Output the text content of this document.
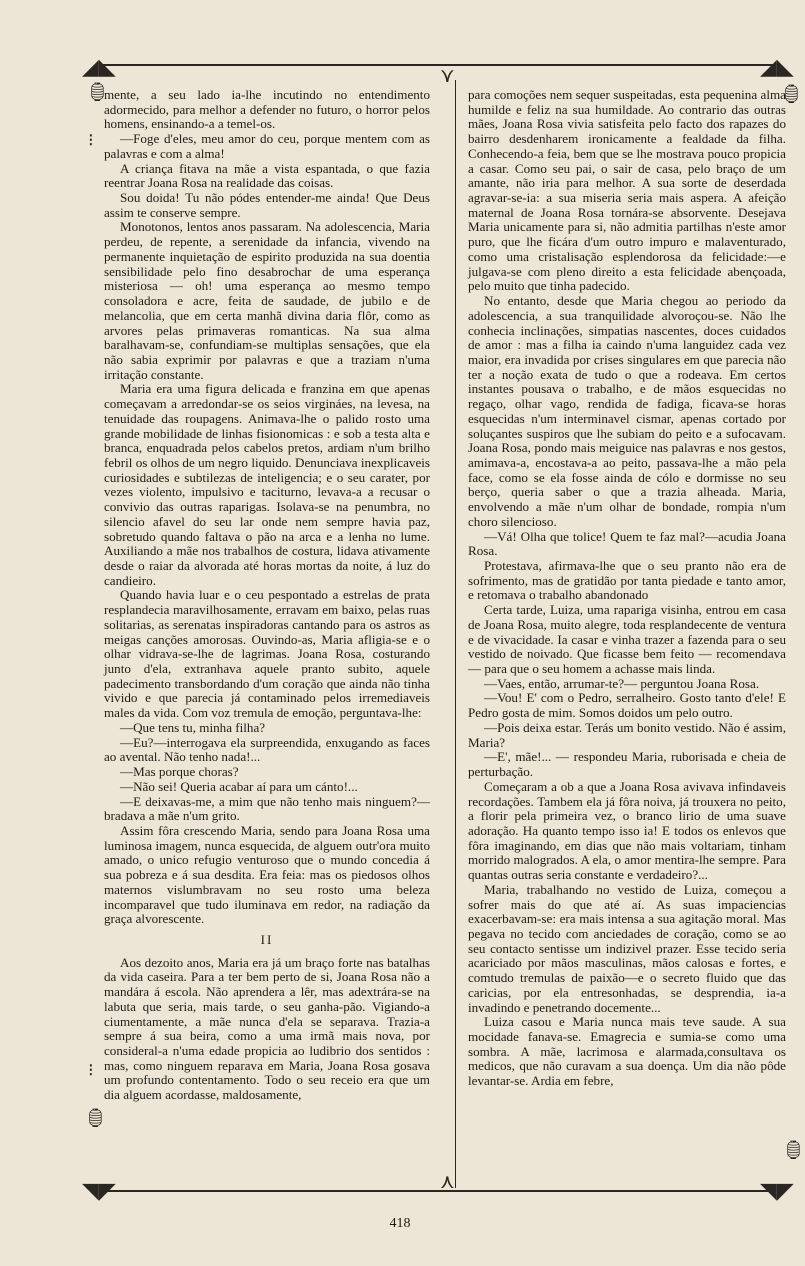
◢◣	◢◣
◥◤	◥◤
⋎
⋏
🏮︎
⁝
🏮︎
⁝
🏮︎
🏮︎

mente, a seu lado ia-lhe incutindo no entendimento adormecido, para melhor a defender no futuro, o horror pelos homens, ensinando-a a temel-os.

—Foge d'eles, meu amor do ceu, porque mentem com as palavras e com a alma!

A criança fitava na mãe a vista espantada, o que fazia reentrar Joana Rosa na realidade das coisas.

Sou doida! Tu não pódes entender-me ainda! Que Deus assim te conserve sempre.

Monotonos, lentos anos passaram. Na adolescencia, Maria perdeu, de repente, a serenidade da infancia, vivendo na permanente inquietação de espirito produzida na sua doentia sensibilidade pelo fino desabrochar de uma esperança misteriosa — oh! uma esperança ao mesmo tempo consoladora e acre, feita de saudade, de jubilo e de melancolia, que em certa manhã divina daria flôr, como as arvores pelas primaveras romanticas. Na sua alma baralhavam-se, confundiam-se multiplas sensações, que ela não sabia exprimir por palavras e que a traziam n'uma irritação constante.

Maria era uma figura delicada e franzina em que apenas começavam a arredondar-se os seios virgináes, na levesa, na tenuidade das roupagens. Animava-lhe o palido rosto uma grande mobilidade de linhas fisionomicas : e sob a testa alta e branca, enquadrada pelos cabelos pretos, ardiam n'um brilho febril os olhos de um negro liquido. Denunciava inexplicaveis curiosidades e subtilezas de inteligencia; e o seu carater, por vezes violento, impulsivo e taciturno, levava-a a recusar o convivio das outras raparigas. Isolava-se na penumbra, no silencio afavel do seu lar onde nem sempre havia paz, sobretudo quando faltava o pão na arca e a lenha no lume. Auxiliando a mãe nos trabalhos de costura, lidava ativamente desde o raiar da alvorada até horas mortas da noite, á luz do candieiro.

Quando havia luar e o ceu pespontado a estrelas de prata resplandecia maravilhosamente, erravam em baixo, pelas ruas solitarias, as serenatas inspiradoras cantando para os astros as meigas canções amorosas. Ouvindo-as, Maria afligia-se e o olhar vidrava-se-lhe de lagrimas. Joana Rosa, costurando junto d'ela, extranhava aquele pranto subito, aquele padecimento transbordando d'um coração que ainda não tinha vivido e que parecia já contaminado pelos irremediaveis males da vida. Com voz tremula de emoção, perguntava-lhe:

—Que tens tu, minha filha?

—Eu?—interrogava ela surpreendida, enxugando as faces ao avental. Não tenho nada!...

—Mas porque choras?

—Não sei! Queria acabar aí para um cánto!...

—E deixavas-me, a mim que não tenho mais ninguem?—bradava a mãe n'um grito.

Assim fôra crescendo Maria, sendo para Joana Rosa uma luminosa imagem, nunca esquecida, de alguem outr'ora muito amado, o unico refugio venturoso que o mundo concedia á sua pobreza e á sua desdita. Era feia: mas os piedosos olhos maternos vislumbravam no seu rosto uma beleza incomparavel que tudo iluminava em redor, na radiação da graça alvorescente.

II

Aos dezoito anos, Maria era já um braço forte nas batalhas da vida caseira. Para a ter bem perto de si, Joana Rosa não a mandára á escola. Não aprendera a lêr, mas adextrára-se na labuta que seria, mais tarde, o seu ganha-pão. Vigiando-a ciumentamente, a mãe nunca d'ela se separava. Trazia-a sempre á sua beira, como a uma irmã mais nova, por consideral-a n'uma edade propicia ao ludibrio dos sentidos : mas, como ninguem reparava em Maria, Joana Rosa gosava um profundo contentamento. Todo o seu receio era que um dia alguem acordasse, maldosamente,

para comoções nem sequer suspeitadas, esta pequenina alma humilde e feliz na sua humildade. Ao contrario das outras mães, Joana Rosa vivia satisfeita pelo facto dos rapazes do bairro desdenharem ironicamente a fealdade da filha. Conhecendo-a feia, bem que se lhe mostrava pouco propicia a casar. Como seu pai, o sair de casa, pelo braço de um amante, não iria para melhor. A sua sorte de deserdada agravar-se-ia: a sua miseria seria mais aspera. A afeição maternal de Joana Rosa tornára-se absorvente. Desejava Maria unicamente para si, não admitia partilhas n'este amor puro, que lhe ficára d'um outro impuro e malaventurado, como uma cristalisação esplendorosa da felicidade:—e julgava-se com pleno direito a esta felicidade abençoada, pelo muito que tinha padecido.

No entanto, desde que Maria chegou ao periodo da adolescencia, a sua tranquilidade alvoroçou-se. Não lhe conhecia inclinações, simpatias nascentes, doces cuidados de amor : mas a filha ia caindo n'uma languidez cada vez maior, era invadida por crises singulares em que parecia não ter a noção exata de tudo o que a rodeava. Em certos instantes pousava o trabalho, e de mãos esquecidas no regaço, olhar vago, rendida de fadiga, ficava-se horas esquecidas n'um interminavel cismar, apenas cortado por soluçantes suspiros que lhe subiam do peito e a sufocavam. Joana Rosa, pondo mais meiguice nas palavras e nos gestos, amimava-a, encostava-a ao peito, passava-lhe a mão pela face, como se ela fosse ainda de cólo e dormisse no seu berço, queria saber o que a trazia alheada. Maria, envolvendo a mãe n'um olhar de bondade, rompia n'um choro silencioso.

—Vá! Olha que tolice! Quem te faz mal?—acudia Joana Rosa.

Protestava, afirmava-lhe que o seu pranto não era de sofrimento, mas de gratidão por tanta piedade e tanto amor, e retomava o trabalho abandonado

Certa tarde, Luiza, uma rapariga visinha, entrou em casa de Joana Rosa, muito alegre, toda resplandecente de ventura e de vivacidade. Ia casar e vinha trazer a fazenda para o seu vestido de noivado. Que ficasse bem feito — recomendava — para que o seu homem a achasse mais linda.

—Vaes, então, arrumar-te?— perguntou Joana Rosa.

—Vou! E' com o Pedro, serralheiro. Gosto tanto d'ele! E Pedro gosta de mim. Somos doidos um pelo outro.

—Pois deixa estar. Terás um bonito vestido. Não é assim, Maria?

—E', mãe!... — respondeu Maria, ruborisada e cheia de perturbação.

Começaram a ob a que a Joana Rosa avivava infindaveis recordações. Tambem ela já fôra noiva, já trouxera no peito, a florir pela primeira vez, o branco lirio de uma suave adoração. Ha quanto tempo isso ia! E todos os enlevos que fôra imaginando, em dias que não mais voltariam, tinham morrido malogrados. A ela, o amor mentira-lhe sempre. Para quantas outras seria constante e verdadeiro?...

Maria, trabalhando no vestido de Luiza, começou a sofrer mais do que até aí. As suas impaciencias exacerbavam-se: era mais intensa a sua agitação moral. Mas pegava no tecido com anciedades de coração, como se ao seu contacto sentisse um indizivel prazer. Esse tecido seria acariciado por mãos masculinas, mãos calosas e fortes, e comtudo tremulas de paixão—e o secreto fluido que das caricias, por ela entresonhadas, se desprendia, ia-a invadindo e penetrando docemente...

Luiza casou e Maria nunca mais teve saude. A sua mocidade fanava-se. Emagrecia e sumia-se como uma sombra. A mãe, lacrimosa e alarmada,consultava os medicos, que não curavam a sua doença. Um dia não pôde levantar-se. Ardia em febre,

418
